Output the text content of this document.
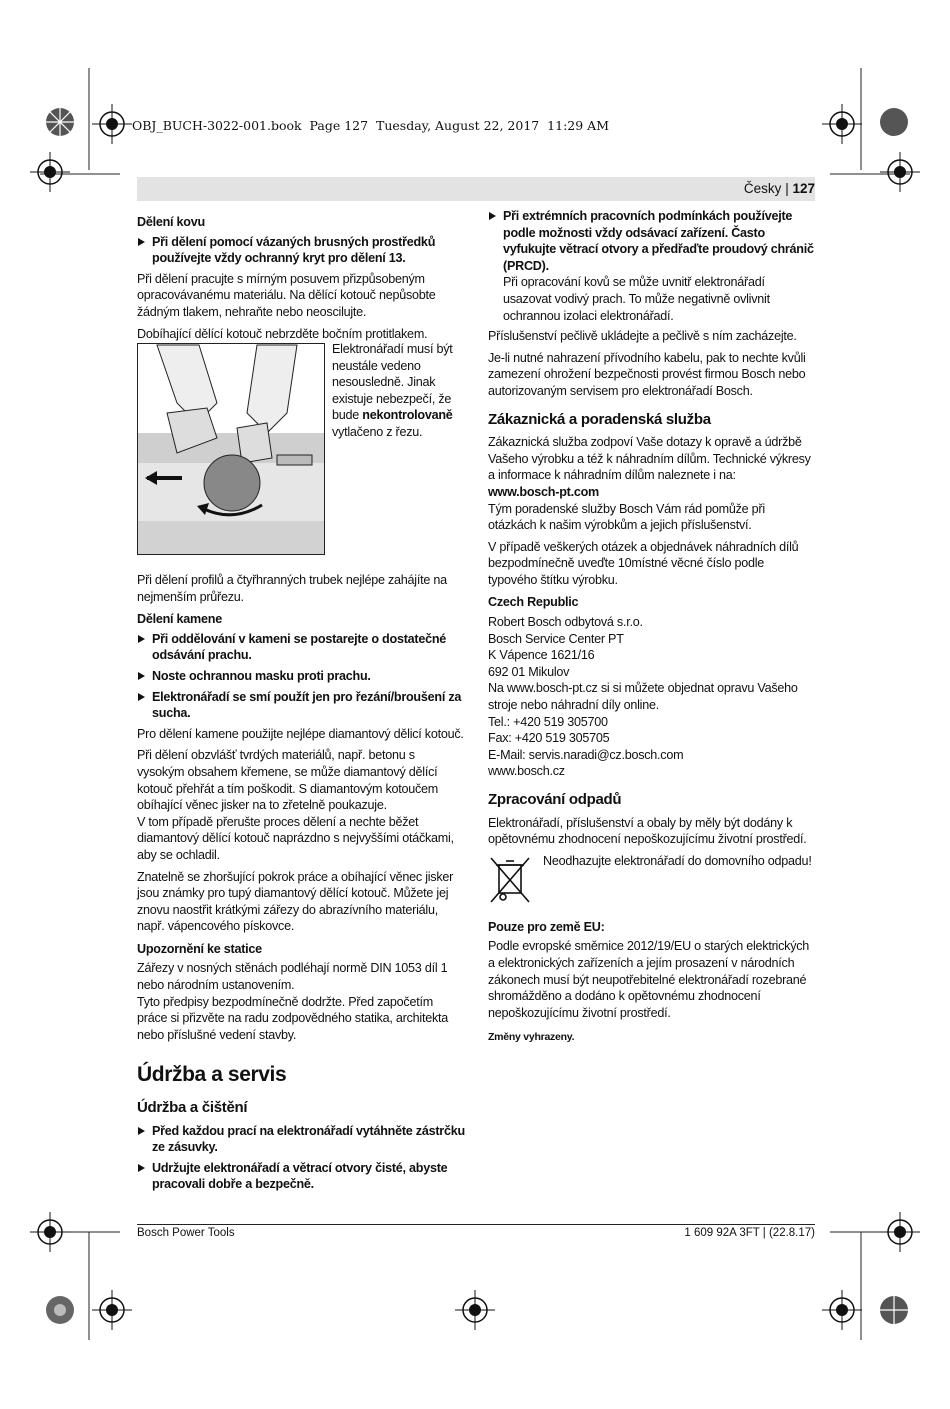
OBJ_BUCH-3022-001.book  Page 127  Tuesday, August 22, 2017  11:29 AM
Česky | 127
Dělení kovu
Při dělení pomocí vázaných brusných prostředků používejte vždy ochranný kryt pro dělení 13.

Při dělení pracujte s mírným posuvem přizpůsobeným opracovávanému materiálu. Na dělící kotouč nepůsobte žádným tlakem, nehraňte nebo neoscilujte.

Dobíhající dělící kotouč nebrzděte bočním protitlakem.

Elektronářadí musí být neustále vedeno nesousledně. Jinak existuje nebezpečí, že bude nekontrolovaně vytlačeno z řezu.

Při dělení profilů a čtyřhranných trubek nejlépe zahájíte na nejmenším průřezu.

Dělení kamene
Při oddělování v kameni se postarejte o dostatečné odsávání prachu.
Noste ochrannou masku proti prachu.
Elektronářadí se smí použít jen pro řezání/broušení za sucha.

Pro dělení kamene použijte nejlépe diamantový dělicí kotouč.

Při dělení obzvlášť tvrdých materiálů, např. betonu s vysokým obsahem křemene, se může diamantový dělící kotouč přehřát a tím poškodit. S diamantovým kotoučem obíhající věnec jisker na to zřetelně poukazuje.

V tom případě přerušte proces dělení a nechte běžet diamantový dělící kotouč naprázdno s nejvyššími otáčkami, aby se ochladil.

Znatelně se zhoršující pokrok práce a obíhající věnec jisker jsou známky pro tupý diamantový dělící kotouč. Můžete jej znovu naostřit krátkými zářezy do abrazívního materiálu, např. vápencového pískovce.

Upozornění ke statice

Zářezy v nosných stěnách podléhají normě DIN 1053 díl 1 nebo národním ustanovením.

Tyto předpisy bezpodmínečně dodržte. Před započetím práce si přizvěte na radu zodpovědného statika, architekta nebo příslušné vedení stavby.

Údržba a servis
Údržba a čištění
Před každou prací na elektronářadí vytáhněte zástrčku ze zásuvky.
Udržujte elektronářadí a větrací otvory čisté, abyste pracovali dobře a bezpečně.
Při extrémních pracovních podmínkách používejte podle možnosti vždy odsávací zařízení. Často vyfukujte větrací otvory a předřaďte proudový chránič (PRCD).
Při opracování kovů se může uvnitř elektronářadí usazovat vodivý prach. To může negativně ovlivnit ochrannou izolaci elektronářadí.

Příslušenství pečlivě ukládejte a pečlivě s ním zacházejte.

Je-li nutné nahrazení přívodního kabelu, pak to nechte kvůli zamezení ohrožení bezpečnosti provést firmou Bosch nebo autorizovaným servisem pro elektronářadí Bosch.

Zákaznická a poradenská služba

Zákaznická služba zodpoví Vaše dotazy k opravě a údržbě Vašeho výrobku a též k náhradním dílům. Technické výkresy a informace k náhradním dílům naleznete i na:
www.bosch-pt.com

Tým poradenské služby Bosch Vám rád pomůže při otázkách k našim výrobkům a jejich příslušenství.

V případě veškerých otázek a objednávek náhradních dílů bezpodmínečně uveďte 10místné věcné číslo podle typového štítku výrobku.

Czech Republic
Robert Bosch odbytová s.r.o.
Bosch Service Center PT
K Vápence 1621/16
692 01 Mikulov
Na www.bosch-pt.cz si si můžete objednat opravu Vašeho stroje nebo náhradní díly online.
Tel.: +420 519 305700
Fax: +420 519 305705
E-Mail: servis.naradi@cz.bosch.com
www.bosch.cz
Zpracování odpadů

Elektronářadí, příslušenství a obaly by měly být dodány k opětovnému zhodnocení nepoškozujícímu životní prostředí.

Neodhazujte elektronářadí do domovního odpadu!
Pouze pro země EU:

Podle evropské směrnice 2012/19/EU o starých elektrických a elektronických zařízeních a jejím prosazení v národních zákonech musí být neupotřebitelné elektronářadí rozebrané shromážděno a dodáno k opětovnému zhodnocení nepoškozujícímu životní prostředí.

Změny vyhrazeny.
Bosch Power Tools	1 609 92A 3FT | (22.8.17)
